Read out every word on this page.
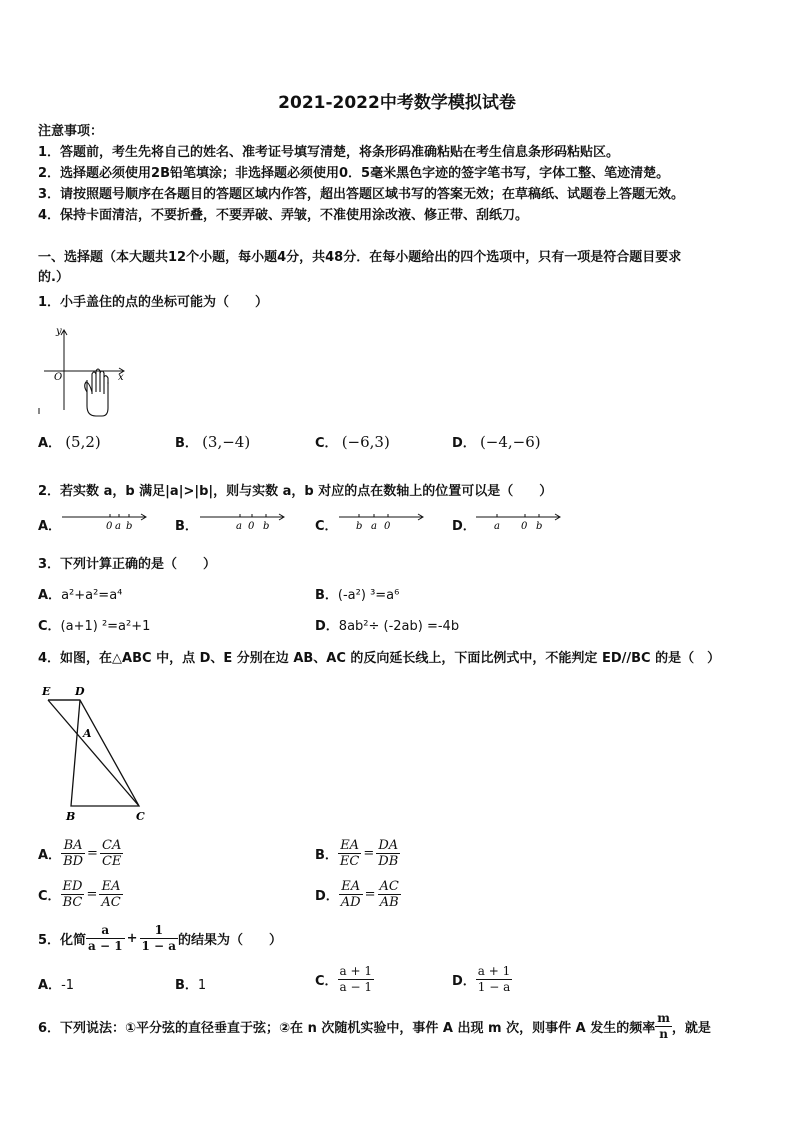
2021-2022中考数学模拟试卷
注意事项：
1．答题前，考生先将自己的姓名、准考证号填写清楚，将条形码准确粘贴在考生信息条形码粘贴区。
2．选择题必须使用2B铅笔填涂；非选择题必须使用0．5毫米黑色字迹的签字笔书写，字体工整、笔迹清楚。
3．请按照题号顺序在各题目的答题区域内作答，超出答题区域书写的答案无效；在草稿纸、试题卷上答题无效。
4．保持卡面清洁，不要折叠，不要弄破、弄皱，不准使用涂改液、修正带、刮纸刀。
一、选择题（本大题共12个小题，每小题4分，共48分．在每小题给出的四个选项中，只有一项是符合题目要求
的.）
1．小手盖住的点的坐标可能为（　　）
y
x
O
A． (5,2)	B． (3,−4)	C． (−6,3)	D． (−4,−6)
2．若实数 a，b 满足|a|>|b|，则与实数 a，b 对应的点在数轴上的位置可以是（　　）
A．	0 a b	B．	a 0 b	C． b a 0	D． a 0 b
3．下列计算正确的是（　　）
A．a²+a²=a⁴	B．(-a²) ³=a⁶
C．(a+1) ²=a²+1	D．8ab²÷ (-2ab) =-4b
4．如图，在△ABC 中，点 D、E 分别在边 AB、AC 的反向延长线上，下面比例式中，不能判定 ED//BC 的是（　）
E D
A
B	C
A． $\frac{BA}{BD} = \frac{CA}{CE}$	B． $\frac{EA}{EC} = \frac{DA}{DB}$
C． $\frac{ED}{BC} = \frac{EA}{AC}$	D． $\frac{EA}{AD} = \frac{AC}{AB}$
5．化简 $\frac{a}{a - 1} + \frac{1}{1 - a}$ 的结果为（　　）
A．-1	B．1	C． $\frac{a + 1}{a - 1}$	D． $\frac{a + 1}{1 - a}$
6．下列说法：①平分弦的直径垂直于弦；②在 n 次随机实验中，事件 A 出现 m 次，则事件 A 发生的频率 $\frac{m}{n}$ ，就是
